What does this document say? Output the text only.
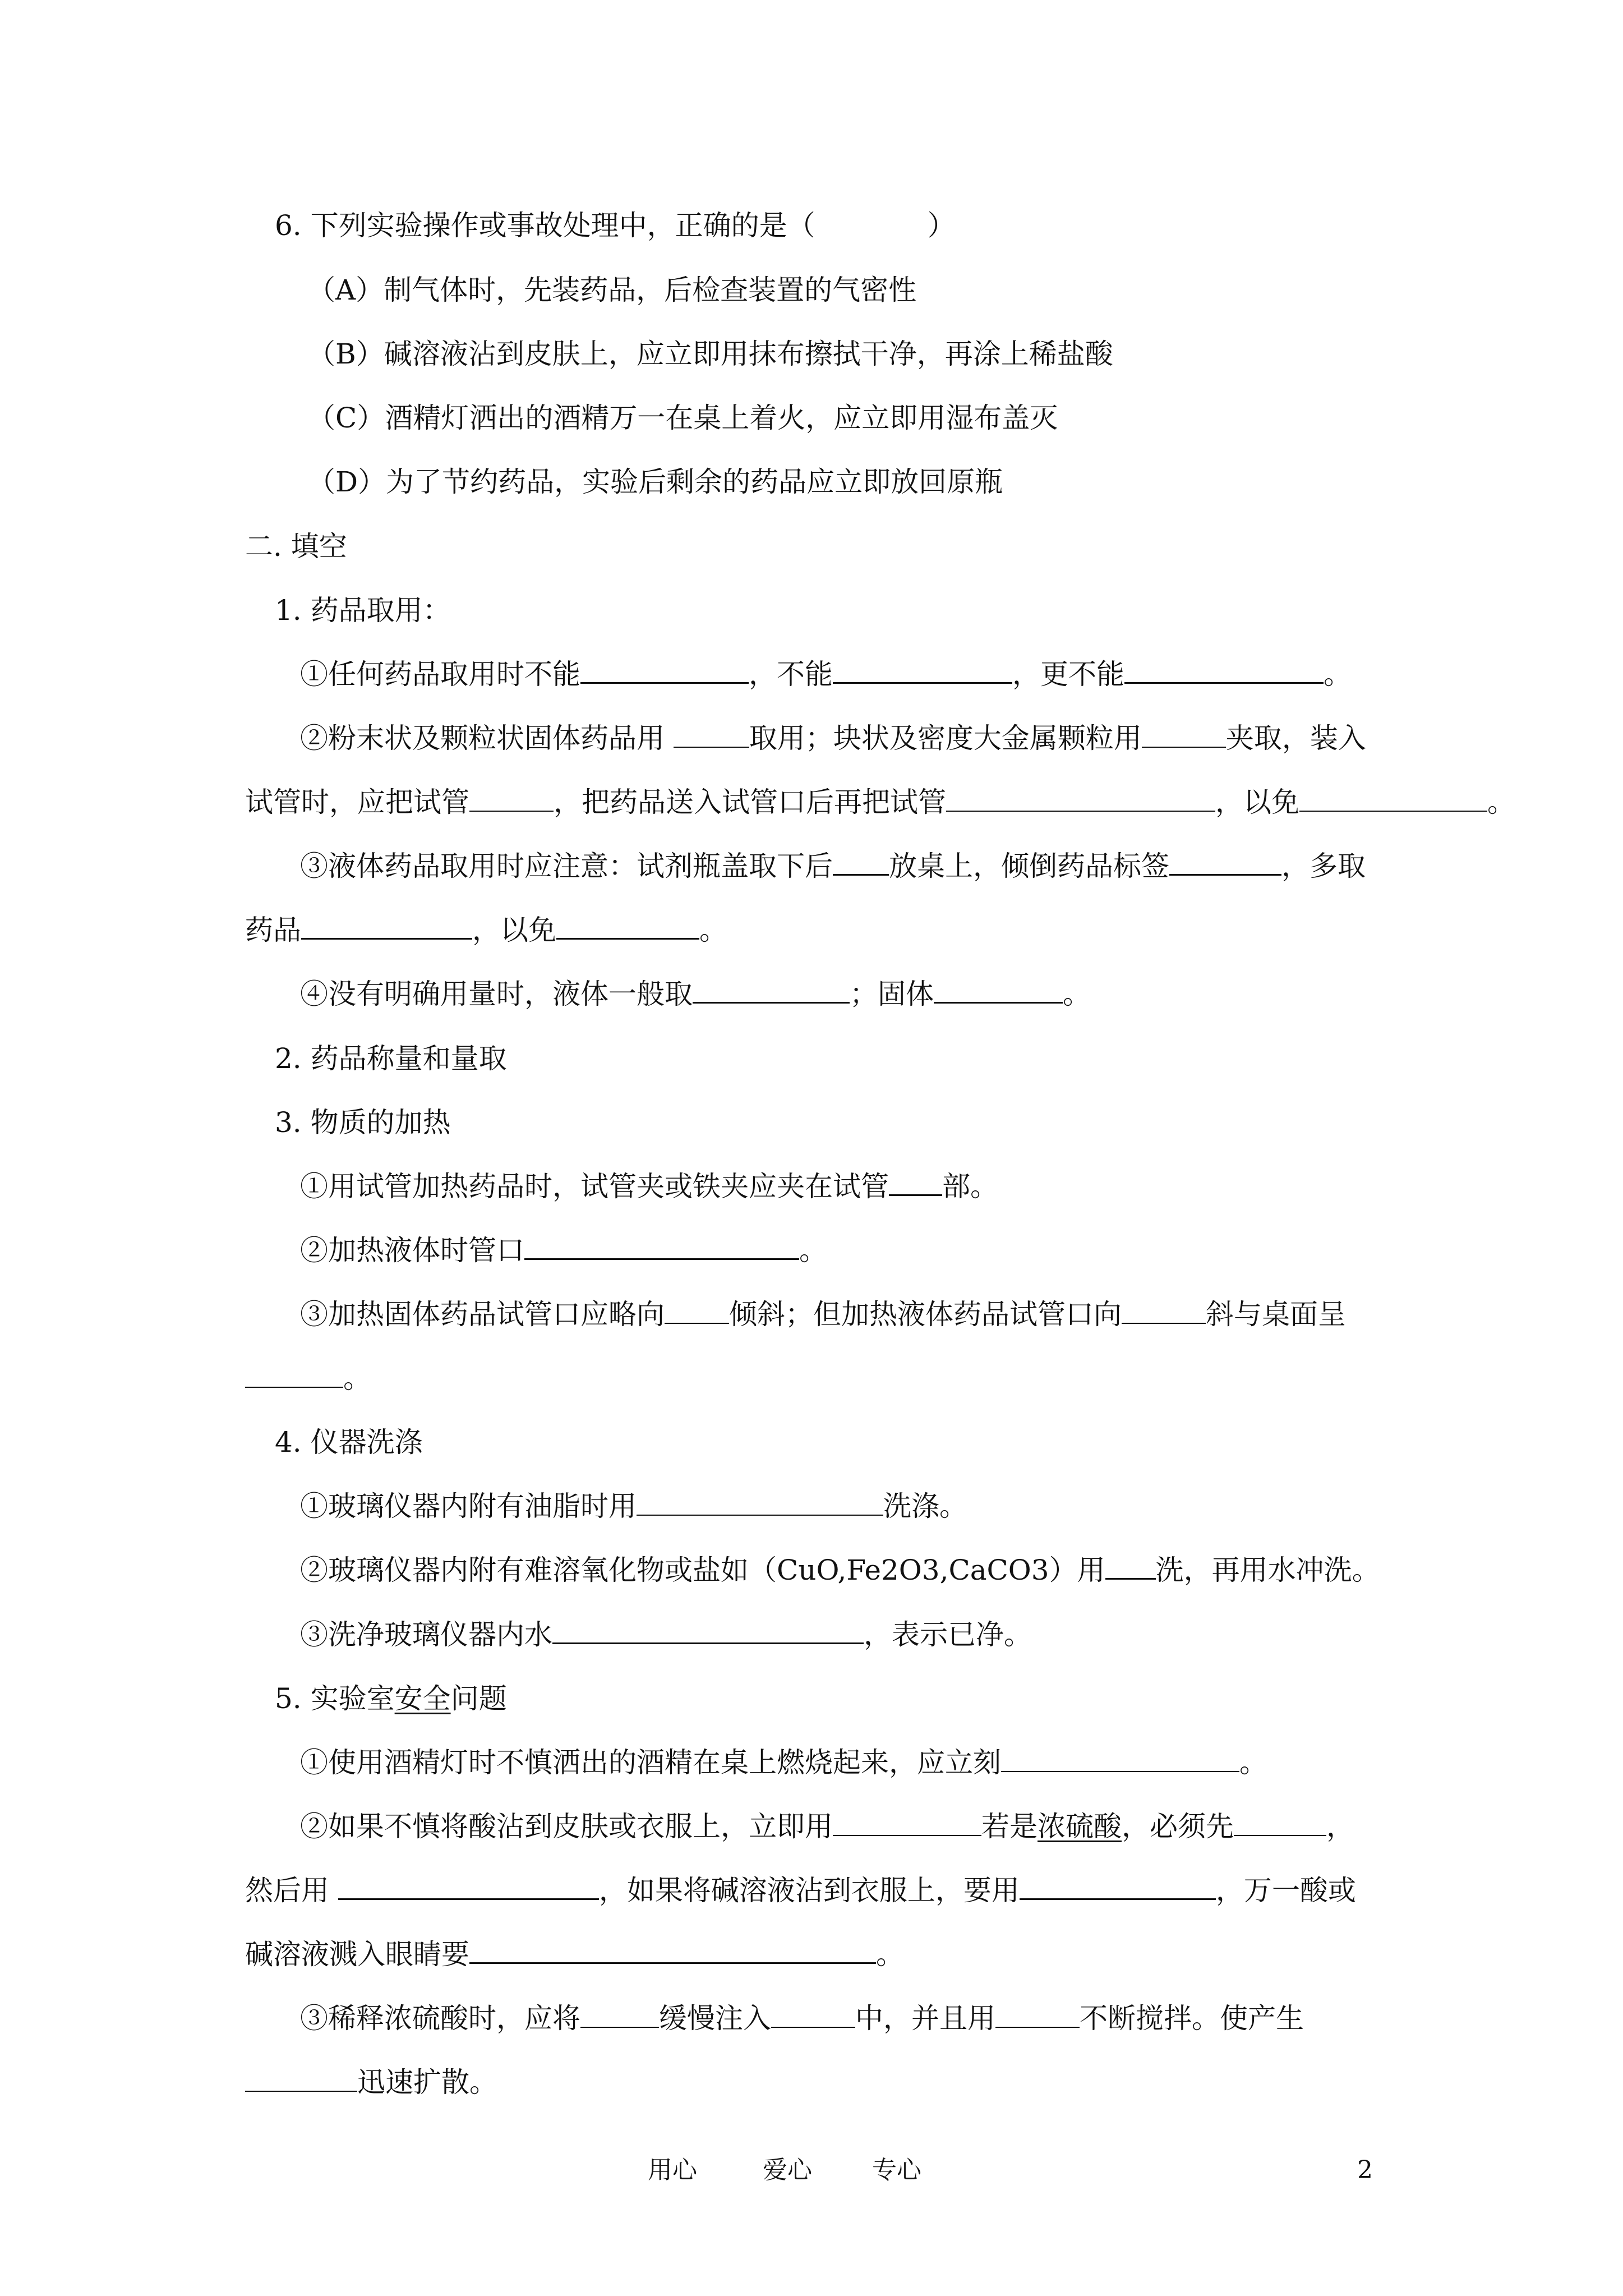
6. 下列实验操作或事故处理中，正确的是（　　　　）
（A）制气体时，先装药品，后检查装置的气密性
（B）碱溶液沾到皮肤上，应立即用抹布擦拭干净，再涂上稀盐酸
（C）酒精灯洒出的酒精万一在桌上着火，应立即用湿布盖灭
（D）为了节约药品，实验后剩余的药品应立即放回原瓶
二. 填空
1. 药品取用：
①任何药品取用时不能	，不能	，更不能	。
②粉末状及颗粒状固体药品用	取用；块状及密度大金属颗粒用	夹取，装入
试管时，应把试管	，把药品送入试管口后再把试管	，以免	。
③液体药品取用时应注意：试剂瓶盖取下后 放桌上，倾倒药品标签	，多取
药品	，以免	。
④没有明确用量时，液体一般取	；固体	。
2. 药品称量和量取
3. 物质的加热
①用试管加热药品时，试管夹或铁夹应夹在试管 部。
②加热液体时管口	。
③加热固体药品试管口应略向 倾斜；但加热液体药品试管口向	斜与桌面呈
。
4. 仪器洗涤
①玻璃仪器内附有油脂时用	洗涤。
②玻璃仪器内附有难溶氧化物或盐如（CuO,Fe2O3,CaCO3）用 洗，再用水冲洗。
③洗净玻璃仪器内水	，表示已净。
5. 实验室安全问题
①使用酒精灯时不慎洒出的酒精在桌上燃烧起来，应立刻	。
②如果不慎将酸沾到皮肤或衣服上，立即用	若是浓硫酸，必须先	，
然后用	，如果将碱溶液沾到衣服上，要用	，万一酸或
碱溶液溅入眼睛要	。
③稀释浓硫酸时，应将	缓慢注入	中，并且用	不断搅拌。使产生
迅速扩散。
用心	爱心 专心	2
